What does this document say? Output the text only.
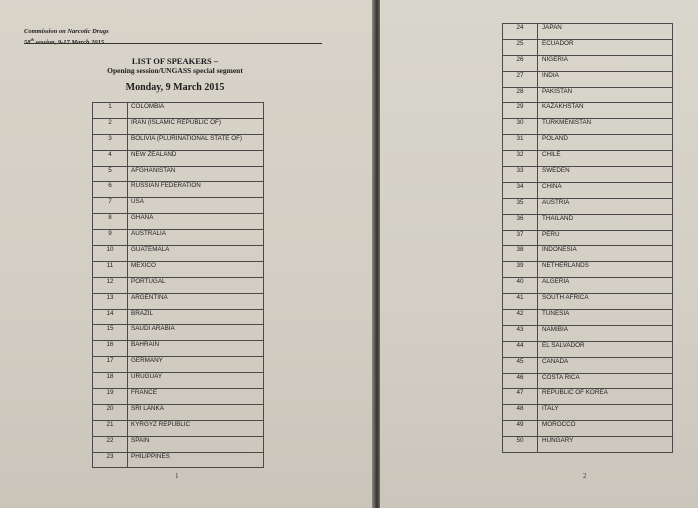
Commission on Narcotic Drugs
$^{th}$
LIST OF SPEAKERS –
Opening session/UNGASS special segment
Monday, 9 March 2015
1	COLOMBIA
2	IRAN (ISLAMIC REPUBLIC OF)
3	BOLIVIA (PLURINATIONAL STATE OF)
4	NEW ZEALAND
5	AFGHANISTAN
6	RUSSIAN FEDERATION
7	USA
8	GHANA
9	AUSTRALIA
10	GUATEMALA
11	MEXICO
12	PORTUGAL
13	ARGENTINA
14	BRAZIL
15	SAUDI ARABIA
16	BAHRAIN
17	GERMANY
18	URUGUAY
19	FRANCE
20	SRI LANKA
21	KYRGYZ REPUBLIC
22	SPAIN
23	PHILIPPINES
1	2
24	JAPAN
25	ECUADOR
26	NIGERIA
27	INDIA
28	PAKISTAN
29	KAZAKHSTAN
30	TURKMENISTAN
31	POLAND
32	CHILE
33	SWEDEN
34	CHINA
35	AUSTRIA
36	THAILAND
37	PERU
38	INDONESIA
39	NETHERLANDS
40	ALGERIA
41	SOUTH AFRICA
42	TUNESIA
43	NAMIBIA
44	EL SALVADOR
45	CANADA
46	COSTA RICA
47	REPUBLIC OF KOREA
48	ITALY
49	MOROCCO
50	HUNGARY
